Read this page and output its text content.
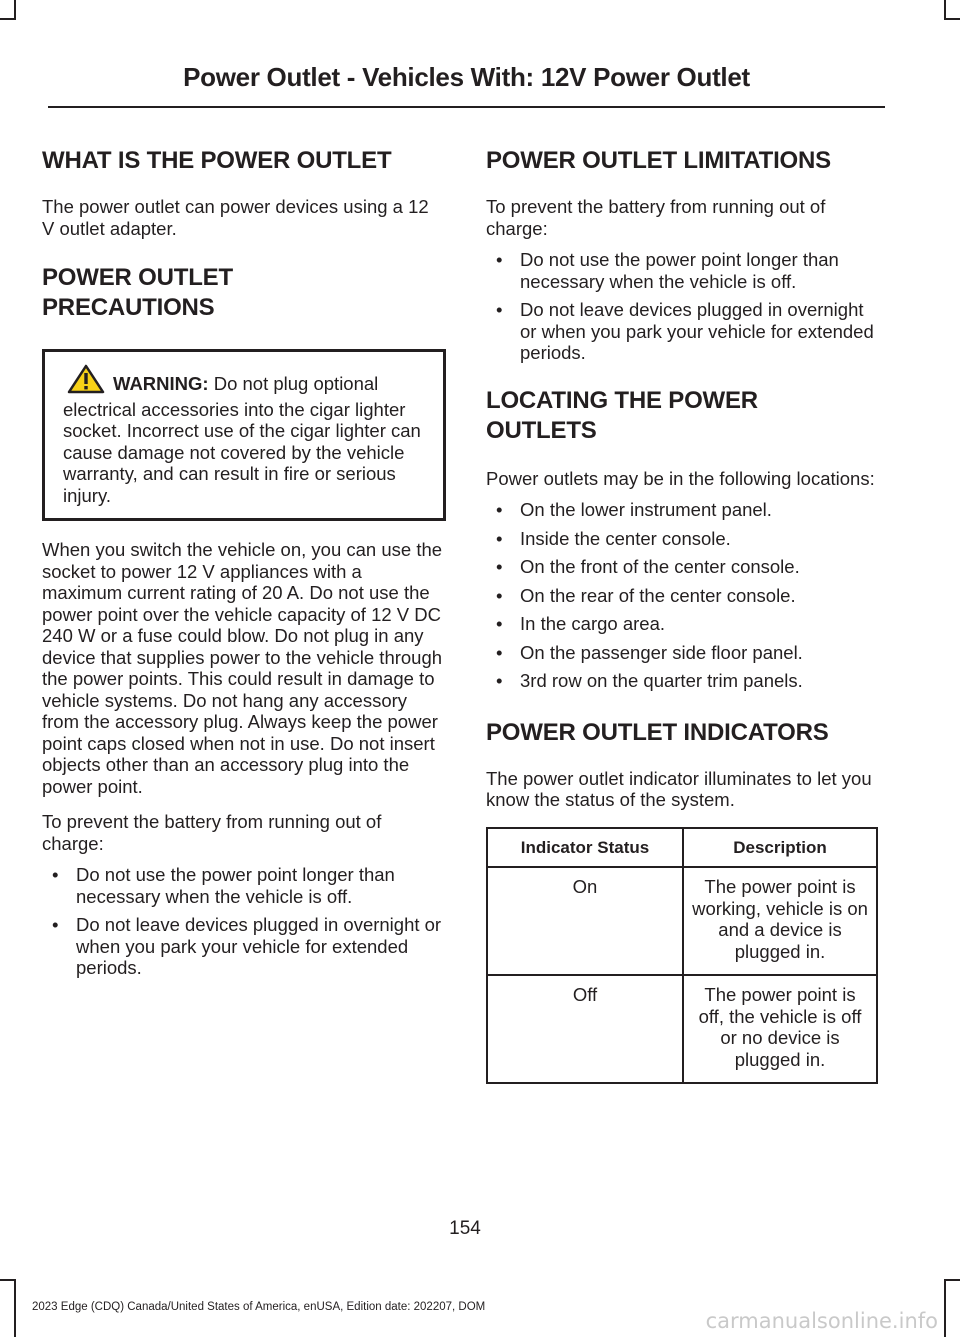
Power Outlet - Vehicles With: 12V Power Outlet
WHAT IS THE POWER OUTLET

The power outlet can power devices using a 12 V outlet adapter.

POWER OUTLET
PRECAUTIONS
WARNING: Do not plug optional electrical accessories into the cigar lighter socket. Incorrect use of the cigar lighter can cause damage not covered by the vehicle warranty, and can result in fire or serious injury.

When you switch the vehicle on, you can use the socket to power 12 V appliances with a maximum current rating of 20 A. Do not use the power point over the vehicle capacity of 12 V DC 240 W or a fuse could blow. Do not plug in any device that supplies power to the vehicle through the power points. This could result in damage to vehicle systems. Do not hang any accessory from the accessory plug. Always keep the power point caps closed when not in use. Do not insert objects other than an accessory plug into the power point.

To prevent the battery from running out of charge:

• Do not use the power point longer than necessary when the vehicle is off.
• Do not leave devices plugged in overnight or when you park your vehicle for extended periods.
POWER OUTLET LIMITATIONS

To prevent the battery from running out of charge:

• Do not use the power point longer than necessary when the vehicle is off.
• Do not leave devices plugged in overnight or when you park your vehicle for extended periods.
LOCATING THE POWER
OUTLETS

Power outlets may be in the following locations:

• On the lower instrument panel.
• Inside the center console.
• On the front of the center console.
• On the rear of the center console.
• In the cargo area.
• On the passenger side floor panel.
• 3rd row on the quarter trim panels.
POWER OUTLET INDICATORS

The power outlet indicator illuminates to let you know the status of the system.

Indicator Status	Description
On	The power point is working, vehicle is on and a device is plugged in.
Off	The power point is off, the vehicle is off or no device is plugged in.
154
2023 Edge (CDQ) Canada/United States of America, enUSA, Edition date: 202207, DOM
carmanualsonline.info
